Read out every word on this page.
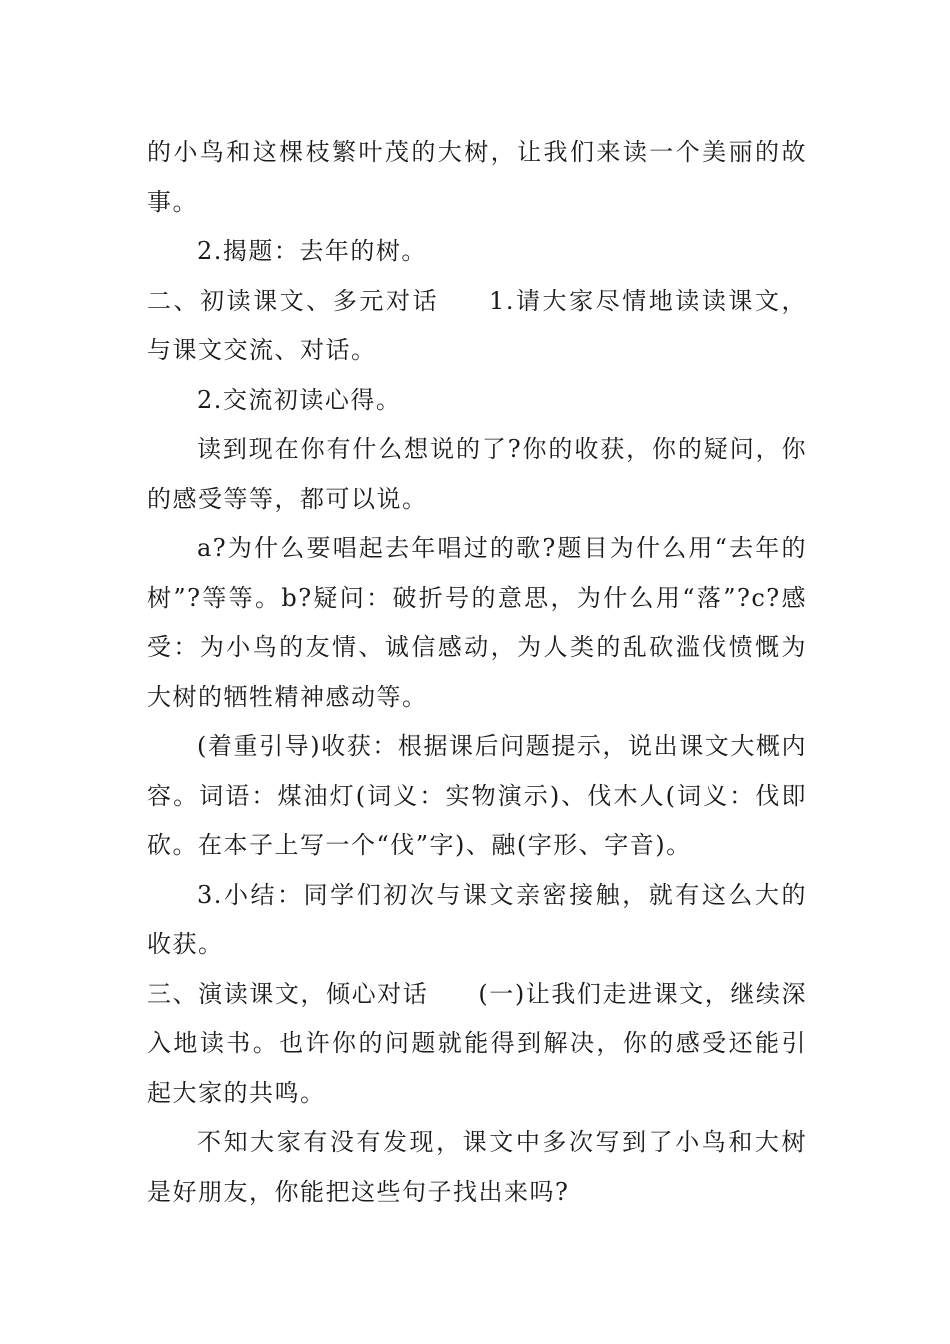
的小鸟和这棵枝繁叶茂的大树，让我们来读一个美丽的故事。

2.揭题：去年的树。

二、初读课文、多元对话 1.请大家尽情地读读课文，与课文交流、对话。

2.交流初读心得。

读到现在你有什么想说的了?你的收获，你的疑问，你的感受等等，都可以说。

a?为什么要唱起去年唱过的歌?题目为什么用“去年的树”?等等。b?疑问：破折号的意思，为什么用“落”?c?感受：为小鸟的友情、诚信感动，为人类的乱砍滥伐愤慨为大树的牺牲精神感动等。

(着重引导)收获：根据课后问题提示，说出课文大概内容。词语：煤油灯(词义：实物演示)、伐木人(词义：伐即砍。在本子上写一个“伐”字)、融(字形、字音)。

3.小结：同学们初次与课文亲密接触，就有这么大的收获。

三、演读课文，倾心对话 (一)让我们走进课文，继续深入地读书。也许你的问题就能得到解决，你的感受还能引起大家的共鸣。

不知大家有没有发现，课文中多次写到了小鸟和大树是好朋友，你能把这些句子找出来吗?
